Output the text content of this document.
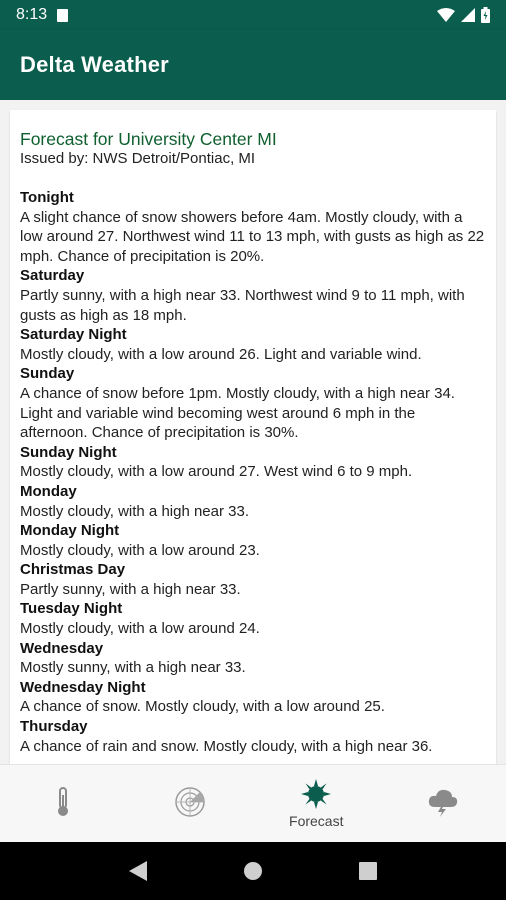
8:13
Delta Weather
Forecast for University Center MI
Issued by: NWS Detroit/Pontiac, MI
Tonight
A slight chance of snow showers before 4am. Mostly cloudy, with a low around 27. Northwest wind 11 to 13 mph, with gusts as high as 22 mph. Chance of precipitation is 20%.
Saturday
Partly sunny, with a high near 33. Northwest wind 9 to 11 mph, with gusts as high as 18 mph.
Saturday Night
Mostly cloudy, with a low around 26. Light and variable wind.
Sunday
A chance of snow before 1pm. Mostly cloudy, with a high near 34. Light and variable wind becoming west around 6 mph in the afternoon. Chance of precipitation is 30%.
Sunday Night
Mostly cloudy, with a low around 27. West wind 6 to 9 mph.
Monday
Mostly cloudy, with a high near 33.
Monday Night
Mostly cloudy, with a low around 23.
Christmas Day
Partly sunny, with a high near 33.
Tuesday Night
Mostly cloudy, with a low around 24.
Wednesday
Mostly sunny, with a high near 33.
Wednesday Night
A chance of snow. Mostly cloudy, with a low around 25.
Thursday
A chance of rain and snow. Mostly cloudy, with a high near 36.
Forecast
